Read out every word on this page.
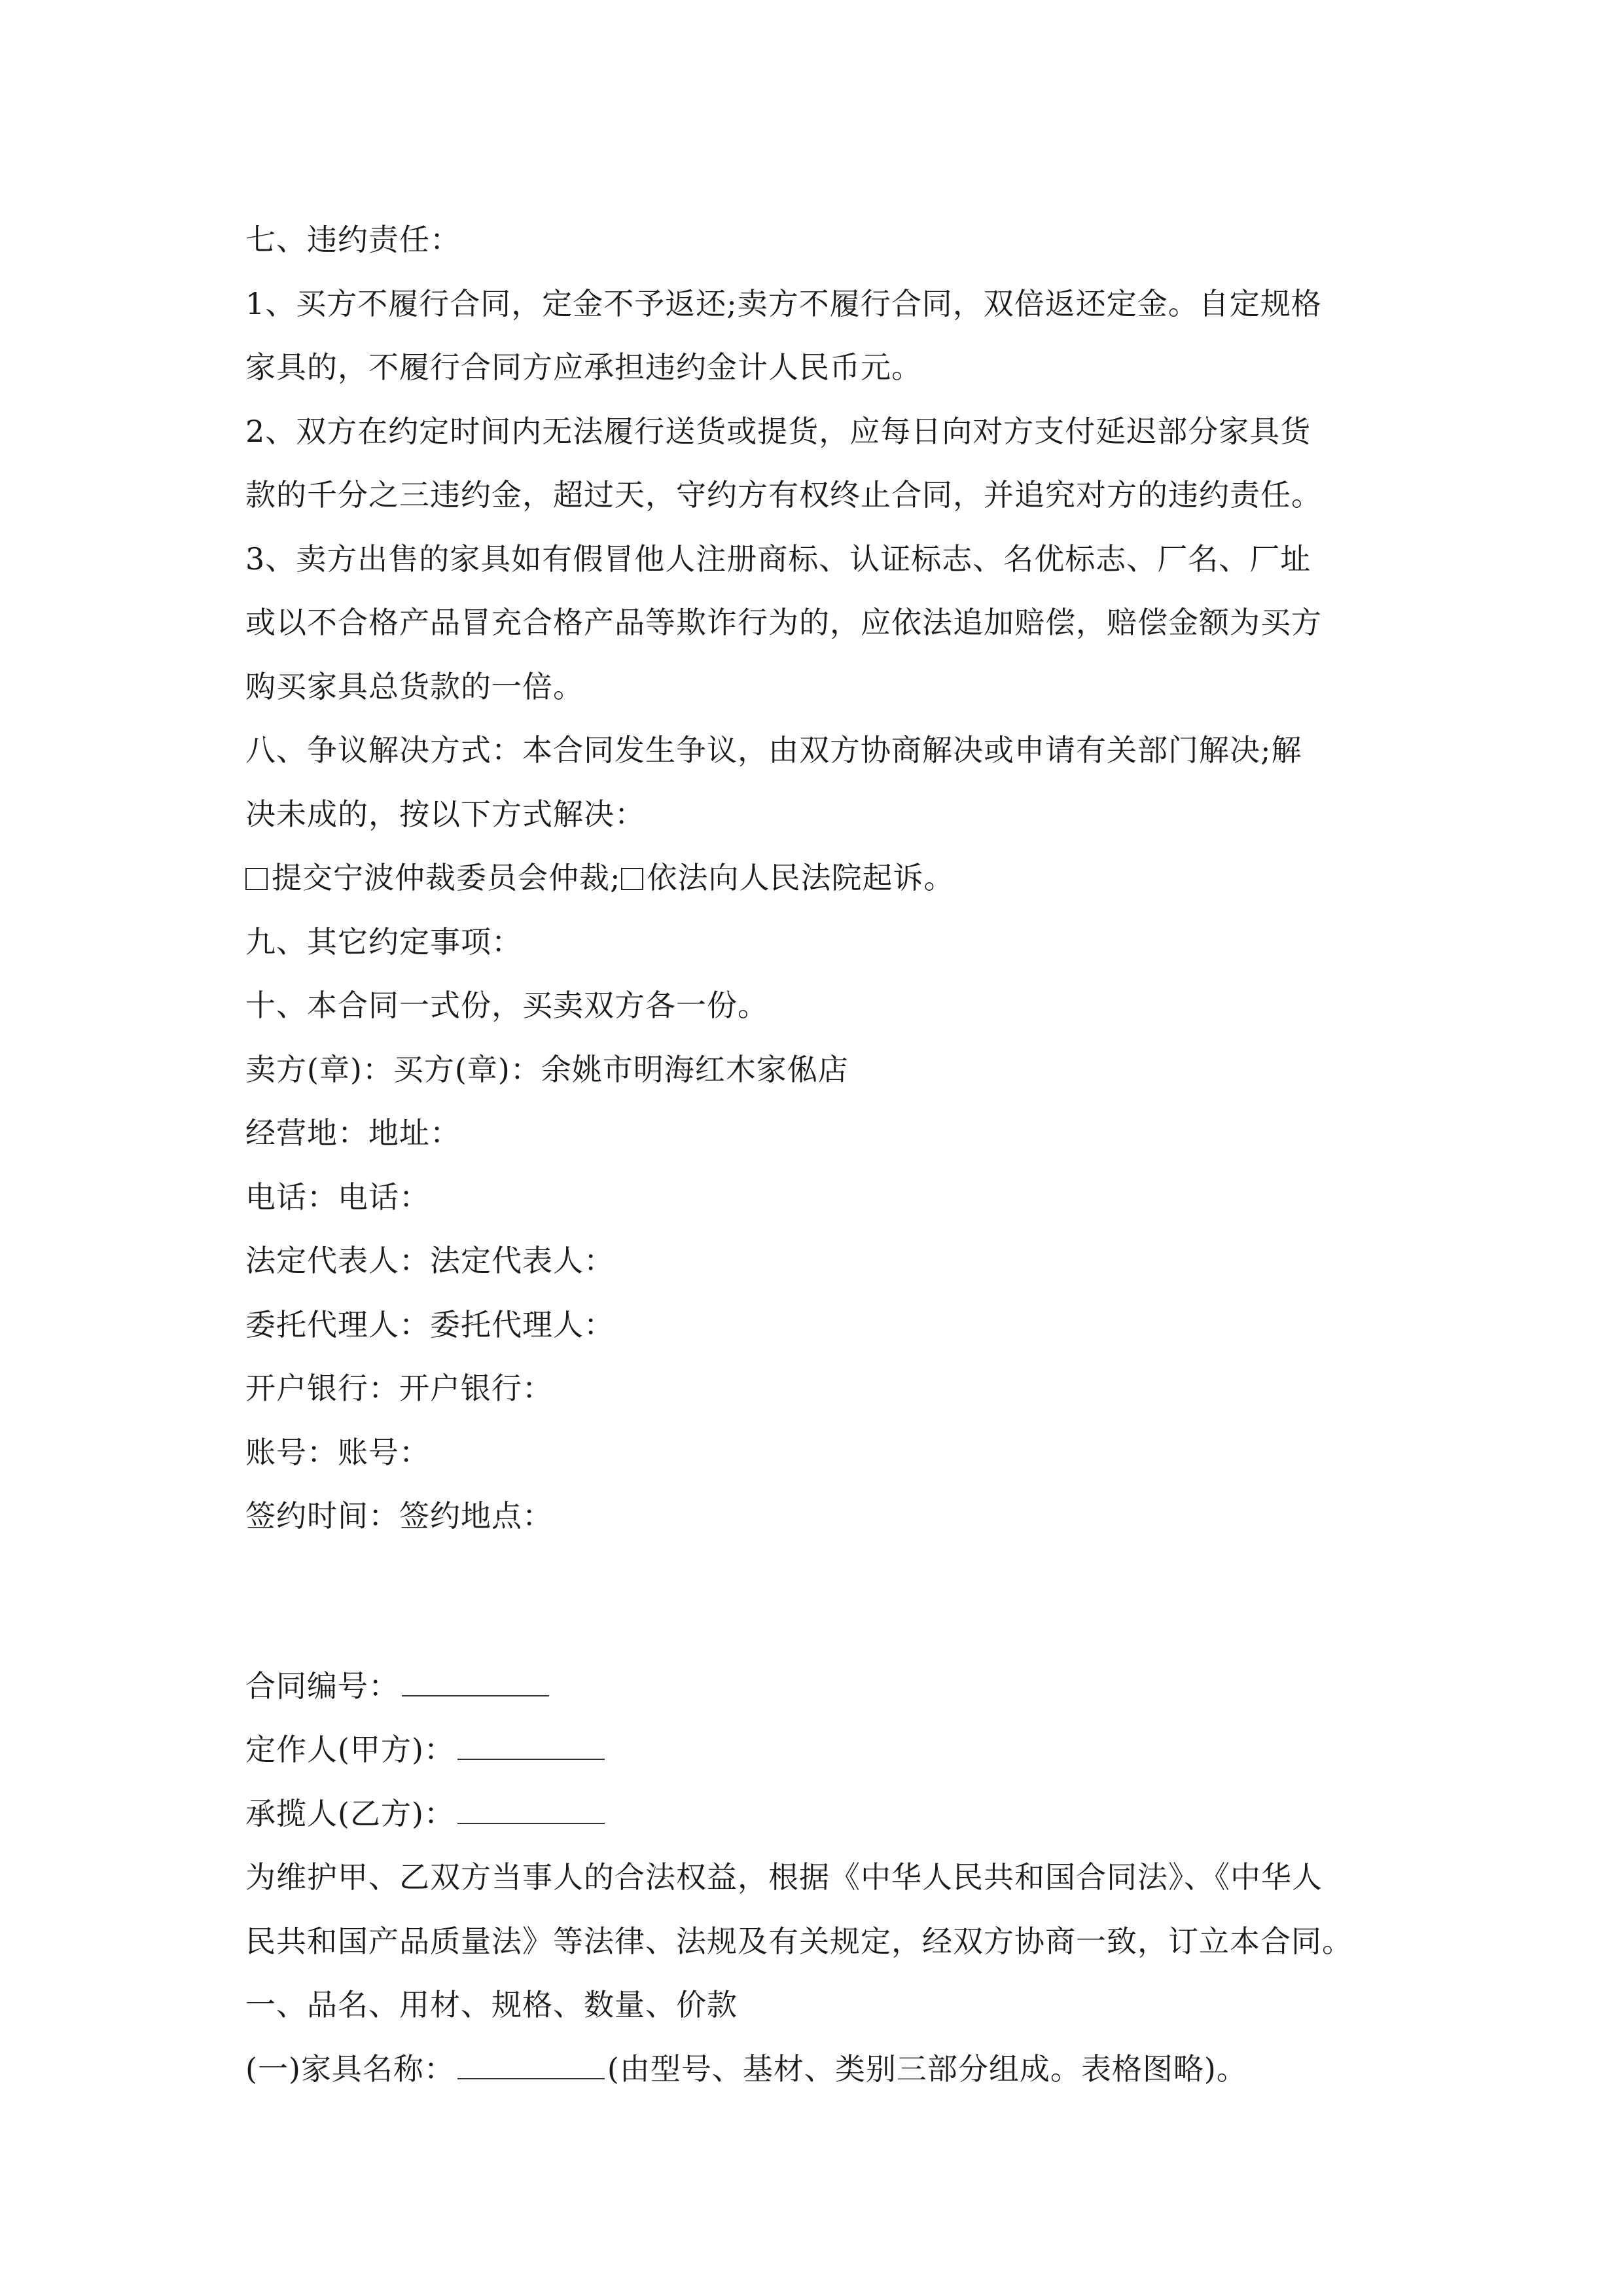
七、违约责任：
1、买方不履行合同，定金不予返还;卖方不履行合同，双倍返还定金。自定规格
家具的，不履行合同方应承担违约金计人民币元。
2、双方在约定时间内无法履行送货或提货，应每日向对方支付延迟部分家具货
款的千分之三违约金，超过天，守约方有权终止合同，并追究对方的违约责任。
3、卖方出售的家具如有假冒他人注册商标、认证标志、名优标志、厂名、厂址
或以不合格产品冒充合格产品等欺诈行为的，应依法追加赔偿，赔偿金额为买方
购买家具总货款的一倍。
八、争议解决方式：本合同发生争议，由双方协商解决或申请有关部门解决;解
决未成的，按以下方式解决：
提交宁波仲裁委员会仲裁; 依法向人民法院起诉。
九、其它约定事项：
十、本合同一式份，买卖双方各一份。
卖方(章)：买方(章)：余姚市明海红木家俬店
经营地：地址：
电话：电话：
法定代表人：法定代表人：
委托代理人：委托代理人：
开户银行：开户银行：
账号：账号：
签约时间：签约地点：
合同编号：
定作人(甲方)：
承揽人(乙方)：
为维护甲、乙双方当事人的合法权益，根据《中华人民共和国合同法》、《中华人
民共和国产品质量法》等法律、法规及有关规定，经双方协商一致，订立本合同。
一、品名、用材、规格、数量、价款
(一)家具名称：	(由型号、基材、类别三部分组成。表格图略)。
